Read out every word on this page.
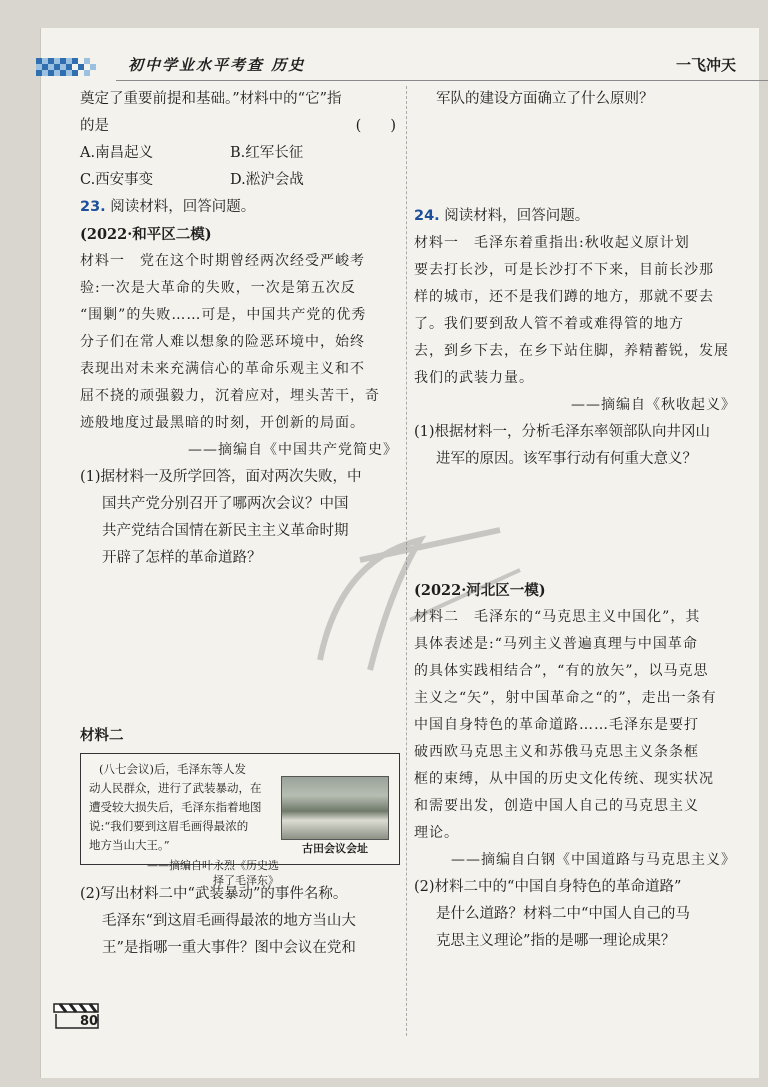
初中学业水平考查 历史	一飞冲天
奠定了重要前提和基础。”材料中的“它”指
的是	(　　)
A.南昌起义	B.红军长征
C.西安事变	D.淞沪会战
23. 阅读材料，回答问题。
(2022·和平区二模)
材料一　党在这个时期曾经两次经受严峻考
验:一次是大革命的失败，一次是第五次反
“围剿”的失败……可是，中国共产党的优秀
分子们在常人难以想象的险恶环境中，始终
表现出对未来充满信心的革命乐观主义和不
屈不挠的顽强毅力，沉着应对，埋头苦干，奇
迹般地度过最黑暗的时刻，开创新的局面。
——摘编自《中国共产党简史》
(1)据材料一及所学回答，面对两次失败，中
国共产党分别召开了哪两次会议？中国
共产党结合国情在新民主主义革命时期
开辟了怎样的革命道路？
材料二
(八七会议)后，毛泽东等人发
动人民群众，进行了武装暴动，在
遭受较大损失后，毛泽东指着地图
说:“我们要到这眉毛画得最浓的
地方当山大王。”	古田会议会址
——摘编自叶永烈《历史选
择了毛泽东》
(2)写出材料二中“武装暴动”的事件名称。
毛泽东“到这眉毛画得最浓的地方当山大
王”是指哪一重大事件？图中会议在党和
军队的建设方面确立了什么原则？
24. 阅读材料，回答问题。
材料一　毛泽东着重指出:秋收起义原计划
要去打长沙，可是长沙打不下来，目前长沙那
样的城市，还不是我们蹲的地方，那就不要去
了。我们要到敌人管不着或难得管的地方
去，到乡下去，在乡下站住脚，养精蓄锐，发展
我们的武装力量。
——摘编自《秋收起义》
(1)根据材料一，分析毛泽东率领部队向井冈山
进军的原因。该军事行动有何重大意义？
(2022·河北区一模)
材料二　毛泽东的“马克思主义中国化”，其
具体表述是:“马列主义普遍真理与中国革命
的具体实践相结合”，“有的放矢”，以马克思
主义之“矢”，射中国革命之“的”，走出一条有
中国自身特色的革命道路……毛泽东是要打
破西欧马克思主义和苏俄马克思主义条条框
框的束缚，从中国的历史文化传统、现实状况
和需要出发，创造中国人自己的马克思主义
理论。
——摘编自白钢《中国道路与马克思主义》
(2)材料二中的“中国自身特色的革命道路”
是什么道路？材料二中“中国人自己的马
克思主义理论”指的是哪一理论成果？
80
